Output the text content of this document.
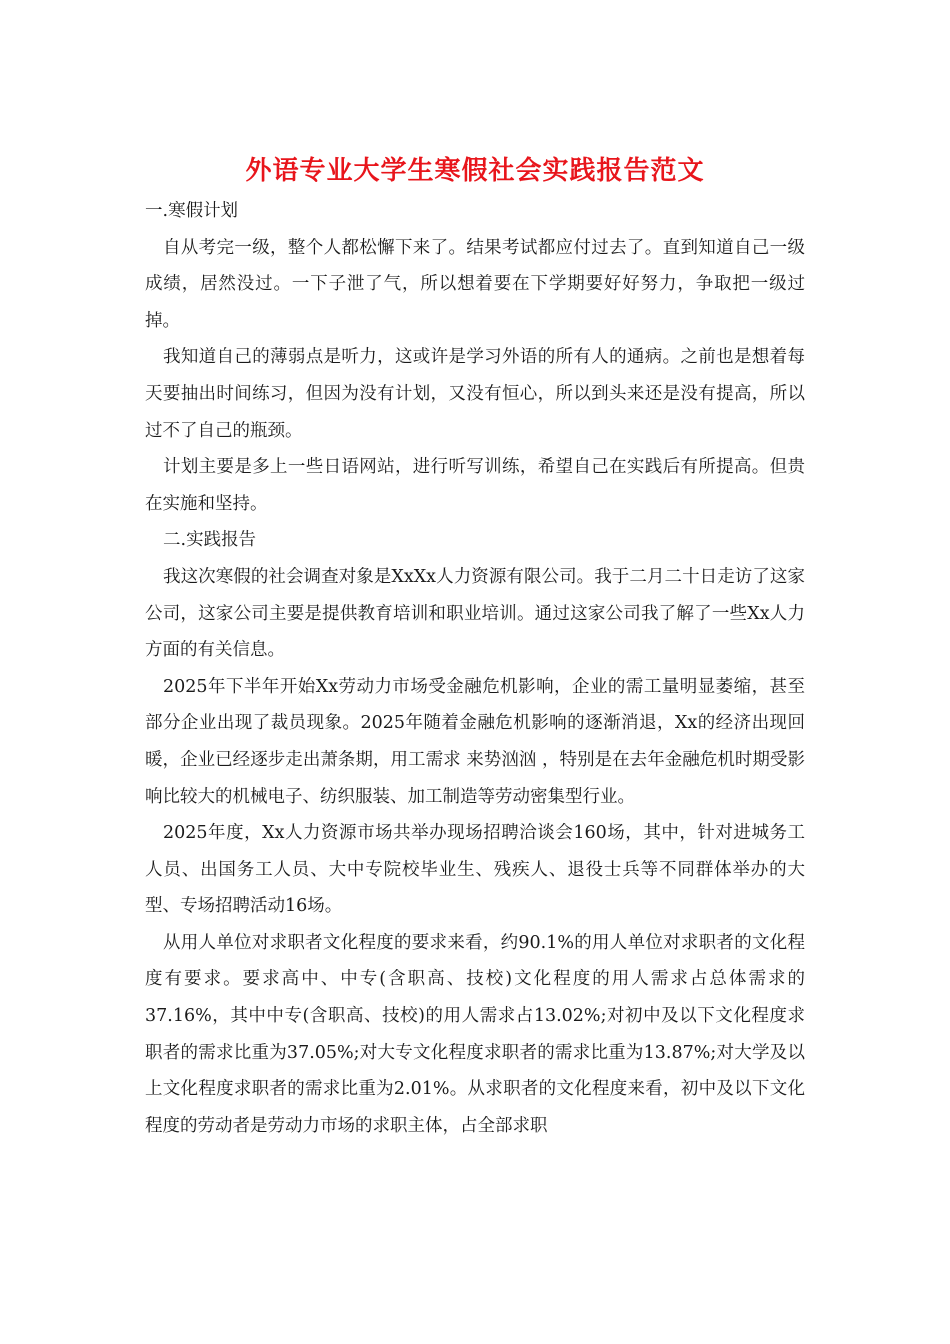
外语专业大学生寒假社会实践报告范文

一.寒假计划

自从考完一级，整个人都松懈下来了。结果考试都应付过去了。直到知道自己一级成绩，居然没过。一下子泄了气，所以想着要在下学期要好好努力，争取把一级过掉。

我知道自己的薄弱点是听力，这或许是学习外语的所有人的通病。之前也是想着每天要抽出时间练习，但因为没有计划，又没有恒心，所以到头来还是没有提高，所以过不了自己的瓶颈。

计划主要是多上一些日语网站，进行听写训练，希望自己在实践后有所提高。但贵在实施和坚持。

二.实践报告

我这次寒假的社会调查对象是XxXx人力资源有限公司。我于二月二十日走访了这家公司，这家公司主要是提供教育培训和职业培训。通过这家公司我了解了一些Xx人力方面的有关信息。

2025年下半年开始Xx劳动力市场受金融危机影响，企业的需工量明显萎缩，甚至部分企业出现了裁员现象。2025年随着金融危机影响的逐渐消退，Xx的经济出现回暖，企业已经逐步走出萧条期，用工需求 来势汹汹 ，特别是在去年金融危机时期受影响比较大的机械电子、纺织服装、加工制造等劳动密集型行业。

2025年度，Xx人力资源市场共举办现场招聘洽谈会160场，其中，针对进城务工人员、出国务工人员、大中专院校毕业生、残疾人、退役士兵等不同群体举办的大型、专场招聘活动16场。

从用人单位对求职者文化程度的要求来看，约90.1%的用人单位对求职者的文化程度有要求。要求高中、中专(含职高、技校)文化程度的用人需求占总体需求的37.16%，其中中专(含职高、技校)的用人需求占13.02%;对初中及以下文化程度求职者的需求比重为37.05%;对大专文化程度求职者的需求比重为13.87%;对大学及以上文化程度求职者的需求比重为2.01%。从求职者的文化程度来看，初中及以下文化程度的劳动者是劳动力市场的求职主体，占全部求职
